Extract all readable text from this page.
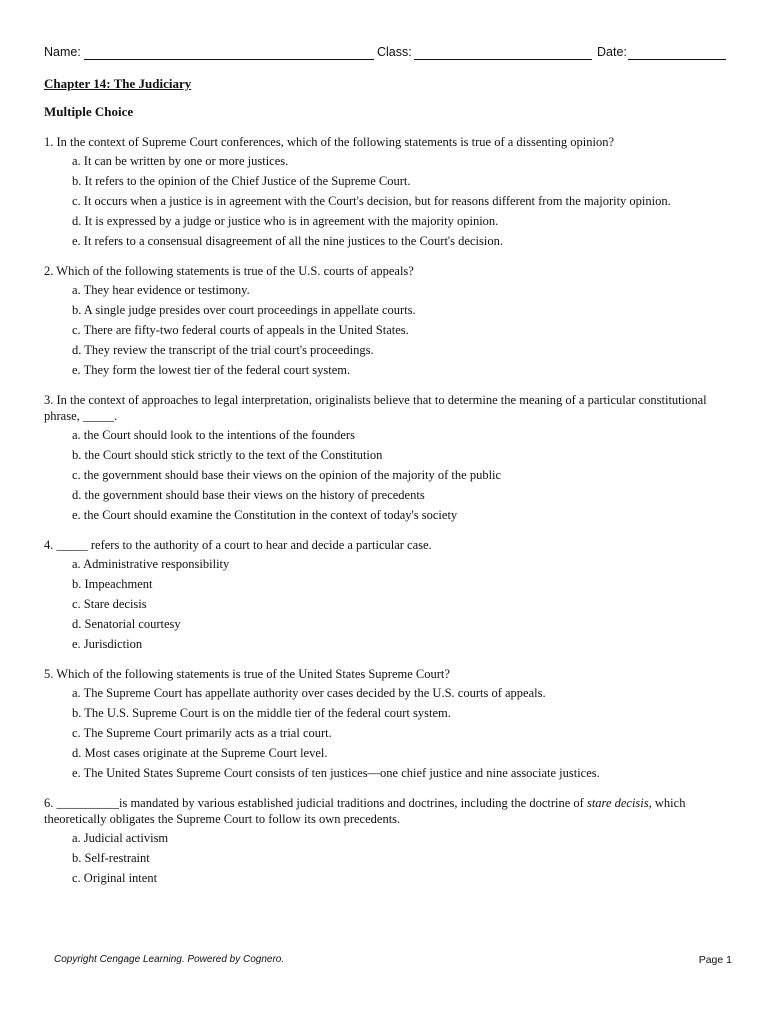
Name:	Class:	Date:
Chapter 14: The Judiciary
Multiple Choice
1. In the context of Supreme Court conferences, which of the following statements is true of a dissenting opinion?
a. It can be written by one or more justices.
b. It refers to the opinion of the Chief Justice of the Supreme Court.
c. It occurs when a justice is in agreement with the Court's decision, but for reasons different from the majority opinion.
d. It is expressed by a judge or justice who is in agreement with the majority opinion.
e. It refers to a consensual disagreement of all the nine justices to the Court's decision.
2. Which of the following statements is true of the U.S. courts of appeals?
a. They hear evidence or testimony.
b. A single judge presides over court proceedings in appellate courts.
c. There are fifty-two federal courts of appeals in the United States.
d. They review the transcript of the trial court's proceedings.
e. They form the lowest tier of the federal court system.
3. In the context of approaches to legal interpretation, originalists believe that to determine the meaning of a particular constitutional phrase, _____.
a. the Court should look to the intentions of the founders
b. the Court should stick strictly to the text of the Constitution
c. the government should base their views on the opinion of the majority of the public
d. the government should base their views on the history of precedents
e. the Court should examine the Constitution in the context of today's society
4. _____ refers to the authority of a court to hear and decide a particular case.
a. Administrative responsibility
b. Impeachment
c. Stare decisis
d. Senatorial courtesy
e. Jurisdiction
5. Which of the following statements is true of the United States Supreme Court?
a. The Supreme Court has appellate authority over cases decided by the U.S. courts of appeals.
b. The U.S. Supreme Court is on the middle tier of the federal court system.
c. The Supreme Court primarily acts as a trial court.
d. Most cases originate at the Supreme Court level.
e. The United States Supreme Court consists of ten justices—one chief justice and nine associate justices.
6. __________is mandated by various established judicial traditions and doctrines, including the doctrine of stare decisis, which theoretically obligates the Supreme Court to follow its own precedents.
a. Judicial activism
b. Self-restraint
c. Original intent
Copyright Cengage Learning. Powered by Cognero.	Page 1
